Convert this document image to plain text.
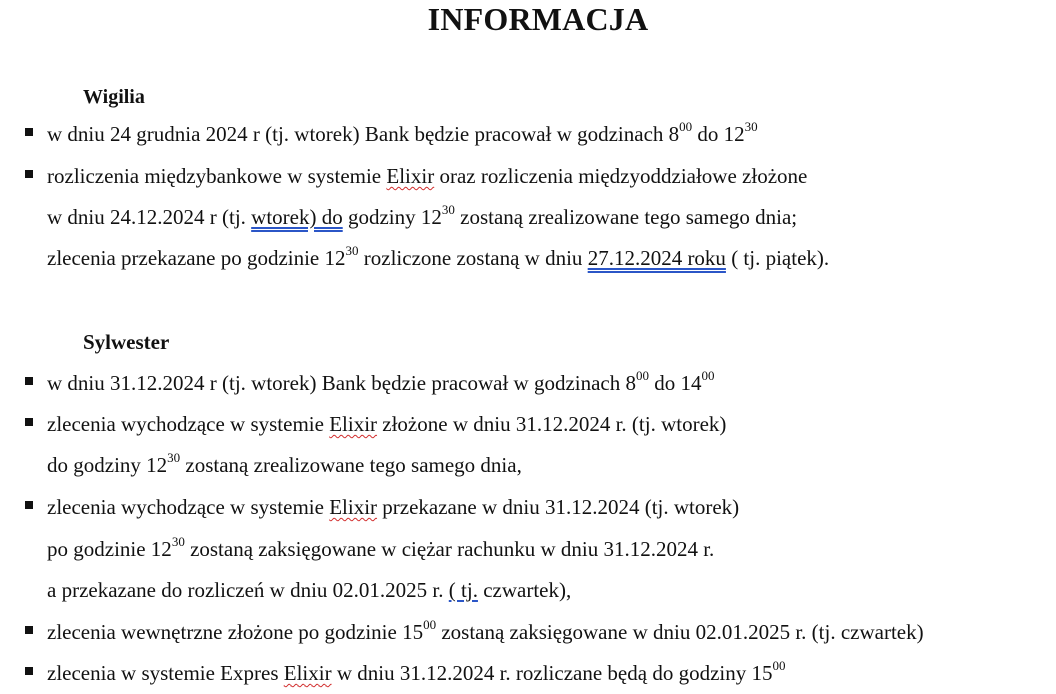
INFORMACJA
Wigilia
w dniu 24 grudnia 2024 r (tj. wtorek) Bank będzie pracował w godzinach $8^{00}$ do $12^{30}$
rozliczenia międzybankowe w systemie Elixir oraz rozliczenia międzyoddziałowe złożone
w dniu 24.12.2024 r (tj. wtorek) do godziny $12^{30}$ zostaną zrealizowane tego samego dnia;
zlecenia przekazane po godzinie $12^{30}$ rozliczone zostaną w dniu 27.12.2024 roku ( tj. piątek).
Sylwester
w dniu 31.12.2024 r (tj. wtorek) Bank będzie pracował w godzinach $8^{00}$ do $14^{00}$
zlecenia wychodzące w systemie Elixir złożone w dniu 31.12.2024 r. (tj. wtorek)
do godziny $12^{30}$ zostaną zrealizowane tego samego dnia,
zlecenia wychodzące w systemie Elixir przekazane w dniu 31.12.2024 (tj. wtorek)
po godzinie $12^{30}$ zostaną zaksięgowane w ciężar rachunku w dniu 31.12.2024 r.
a przekazane do rozliczeń w dniu 02.01.2025 r. ( tj. czwartek),
zlecenia wewnętrzne złożone po godzinie $15^{00}$ zostaną zaksięgowane w dniu 02.01.2025 r. (tj. czwartek)
zlecenia w systemie Expres Elixir w dniu 31.12.2024 r. rozliczane będą do godziny $15^{00}$
